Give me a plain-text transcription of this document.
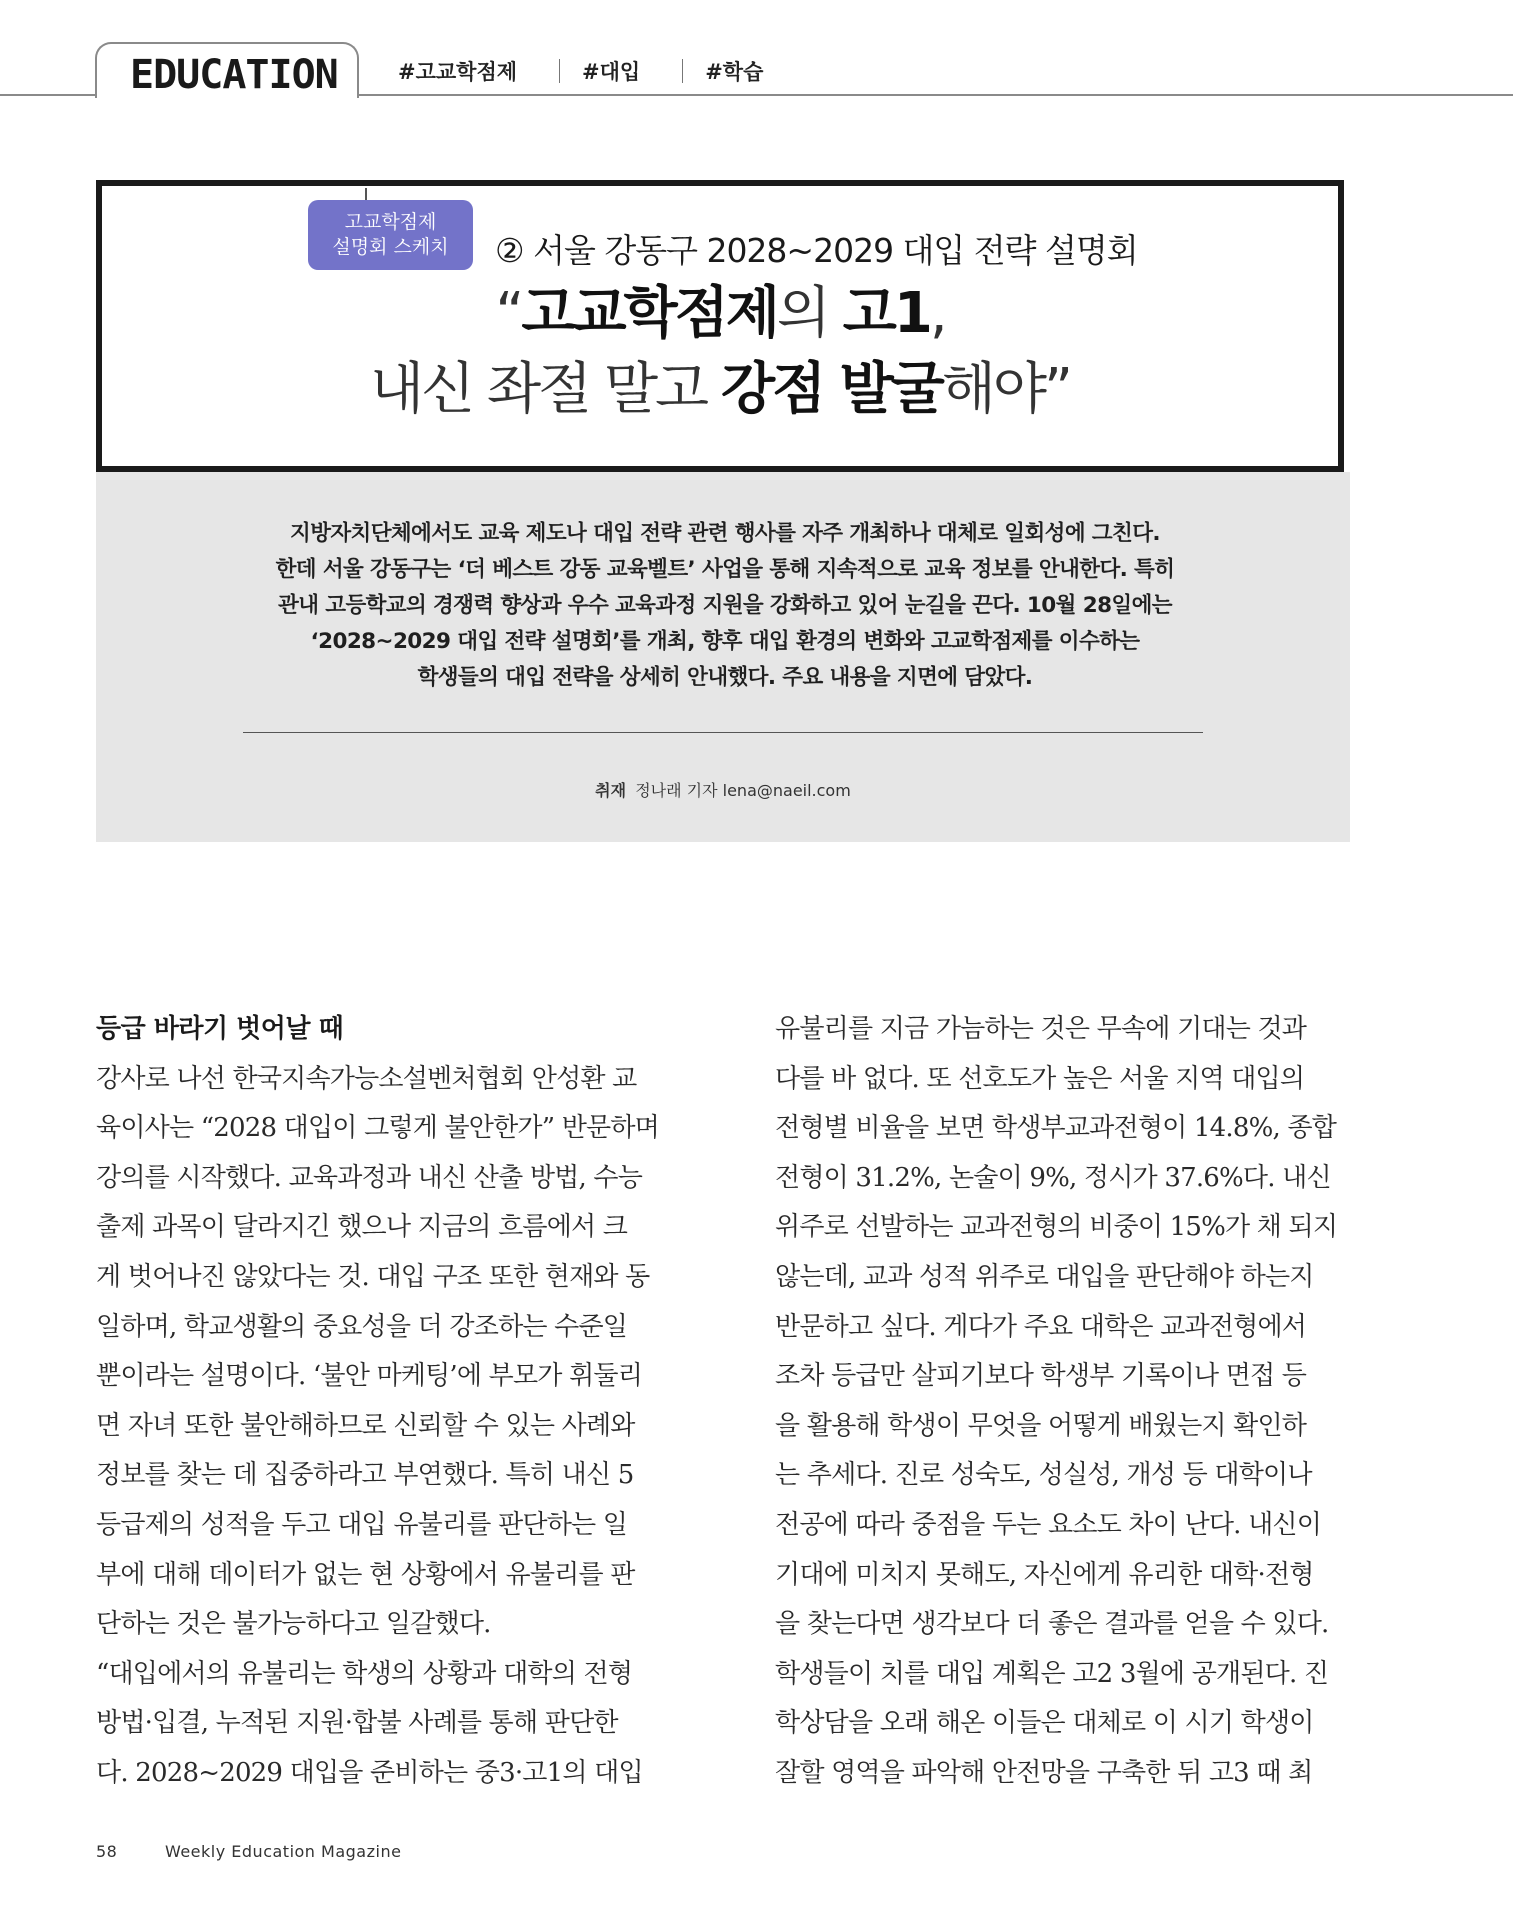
EDUCATION	#고교학점제	#대입	#학습
고교학점제
설명회 스케치	② 서울 강동구 2028~2029 대입 전략 설명회
“고교학점제의 고1,
내신 좌절 말고 강점 발굴해야”
지방자치단체에서도 교육 제도나 대입 전략 관련 행사를 자주 개최하나 대체로 일회성에 그친다.
한데 서울 강동구는 ‘더 베스트 강동 교육벨트’ 사업을 통해 지속적으로 교육 정보를 안내한다. 특히
관내 고등학교의 경쟁력 향상과 우수 교육과정 지원을 강화하고 있어 눈길을 끈다. 10월 28일에는
‘2028~2029 대입 전략 설명회’를 개최, 향후 대입 환경의 변화와 고교학점제를 이수하는
학생들의 대입 전략을 상세히 안내했다. 주요 내용을 지면에 담았다.
취재 정나래 기자 lena@naeil.com
등급 바라기 벗어날 때
강사로 나선 한국지속가능소설벤처협회 안성환 교
육이사는 “2028 대입이 그렇게 불안한가” 반문하며
강의를 시작했다. 교육과정과 내신 산출 방법, 수능
출제 과목이 달라지긴 했으나 지금의 흐름에서 크
게 벗어나진 않았다는 것. 대입 구조 또한 현재와 동
일하며, 학교생활의 중요성을 더 강조하는 수준일
뿐이라는 설명이다. ‘불안 마케팅’에 부모가 휘둘리
면 자녀 또한 불안해하므로 신뢰할 수 있는 사례와
정보를 찾는 데 집중하라고 부연했다. 특히 내신 5
등급제의 성적을 두고 대입 유불리를 판단하는 일
부에 대해 데이터가 없는 현 상황에서 유불리를 판
단하는 것은 불가능하다고 일갈했다.
“대입에서의 유불리는 학생의 상황과 대학의 전형
방법·입결, 누적된 지원·합불 사례를 통해 판단한
다. 2028~2029 대입을 준비하는 중3·고1의 대입
유불리를 지금 가늠하는 것은 무속에 기대는 것과
다를 바 없다. 또 선호도가 높은 서울 지역 대입의
전형별 비율을 보면 학생부교과전형이 14.8%, 종합
전형이 31.2%, 논술이 9%, 정시가 37.6%다. 내신
위주로 선발하는 교과전형의 비중이 15%가 채 되지
않는데, 교과 성적 위주로 대입을 판단해야 하는지
반문하고 싶다. 게다가 주요 대학은 교과전형에서
조차 등급만 살피기보다 학생부 기록이나 면접 등
을 활용해 학생이 무엇을 어떻게 배웠는지 확인하
는 추세다. 진로 성숙도, 성실성, 개성 등 대학이나
전공에 따라 중점을 두는 요소도 차이 난다. 내신이
기대에 미치지 못해도, 자신에게 유리한 대학·전형
을 찾는다면 생각보다 더 좋은 결과를 얻을 수 있다.
학생들이 치를 대입 계획은 고2 3월에 공개된다. 진
학상담을 오래 해온 이들은 대체로 이 시기 학생이
잘할 영역을 파악해 안전망을 구축한 뒤 고3 때 최
58	Weekly Education Magazine
